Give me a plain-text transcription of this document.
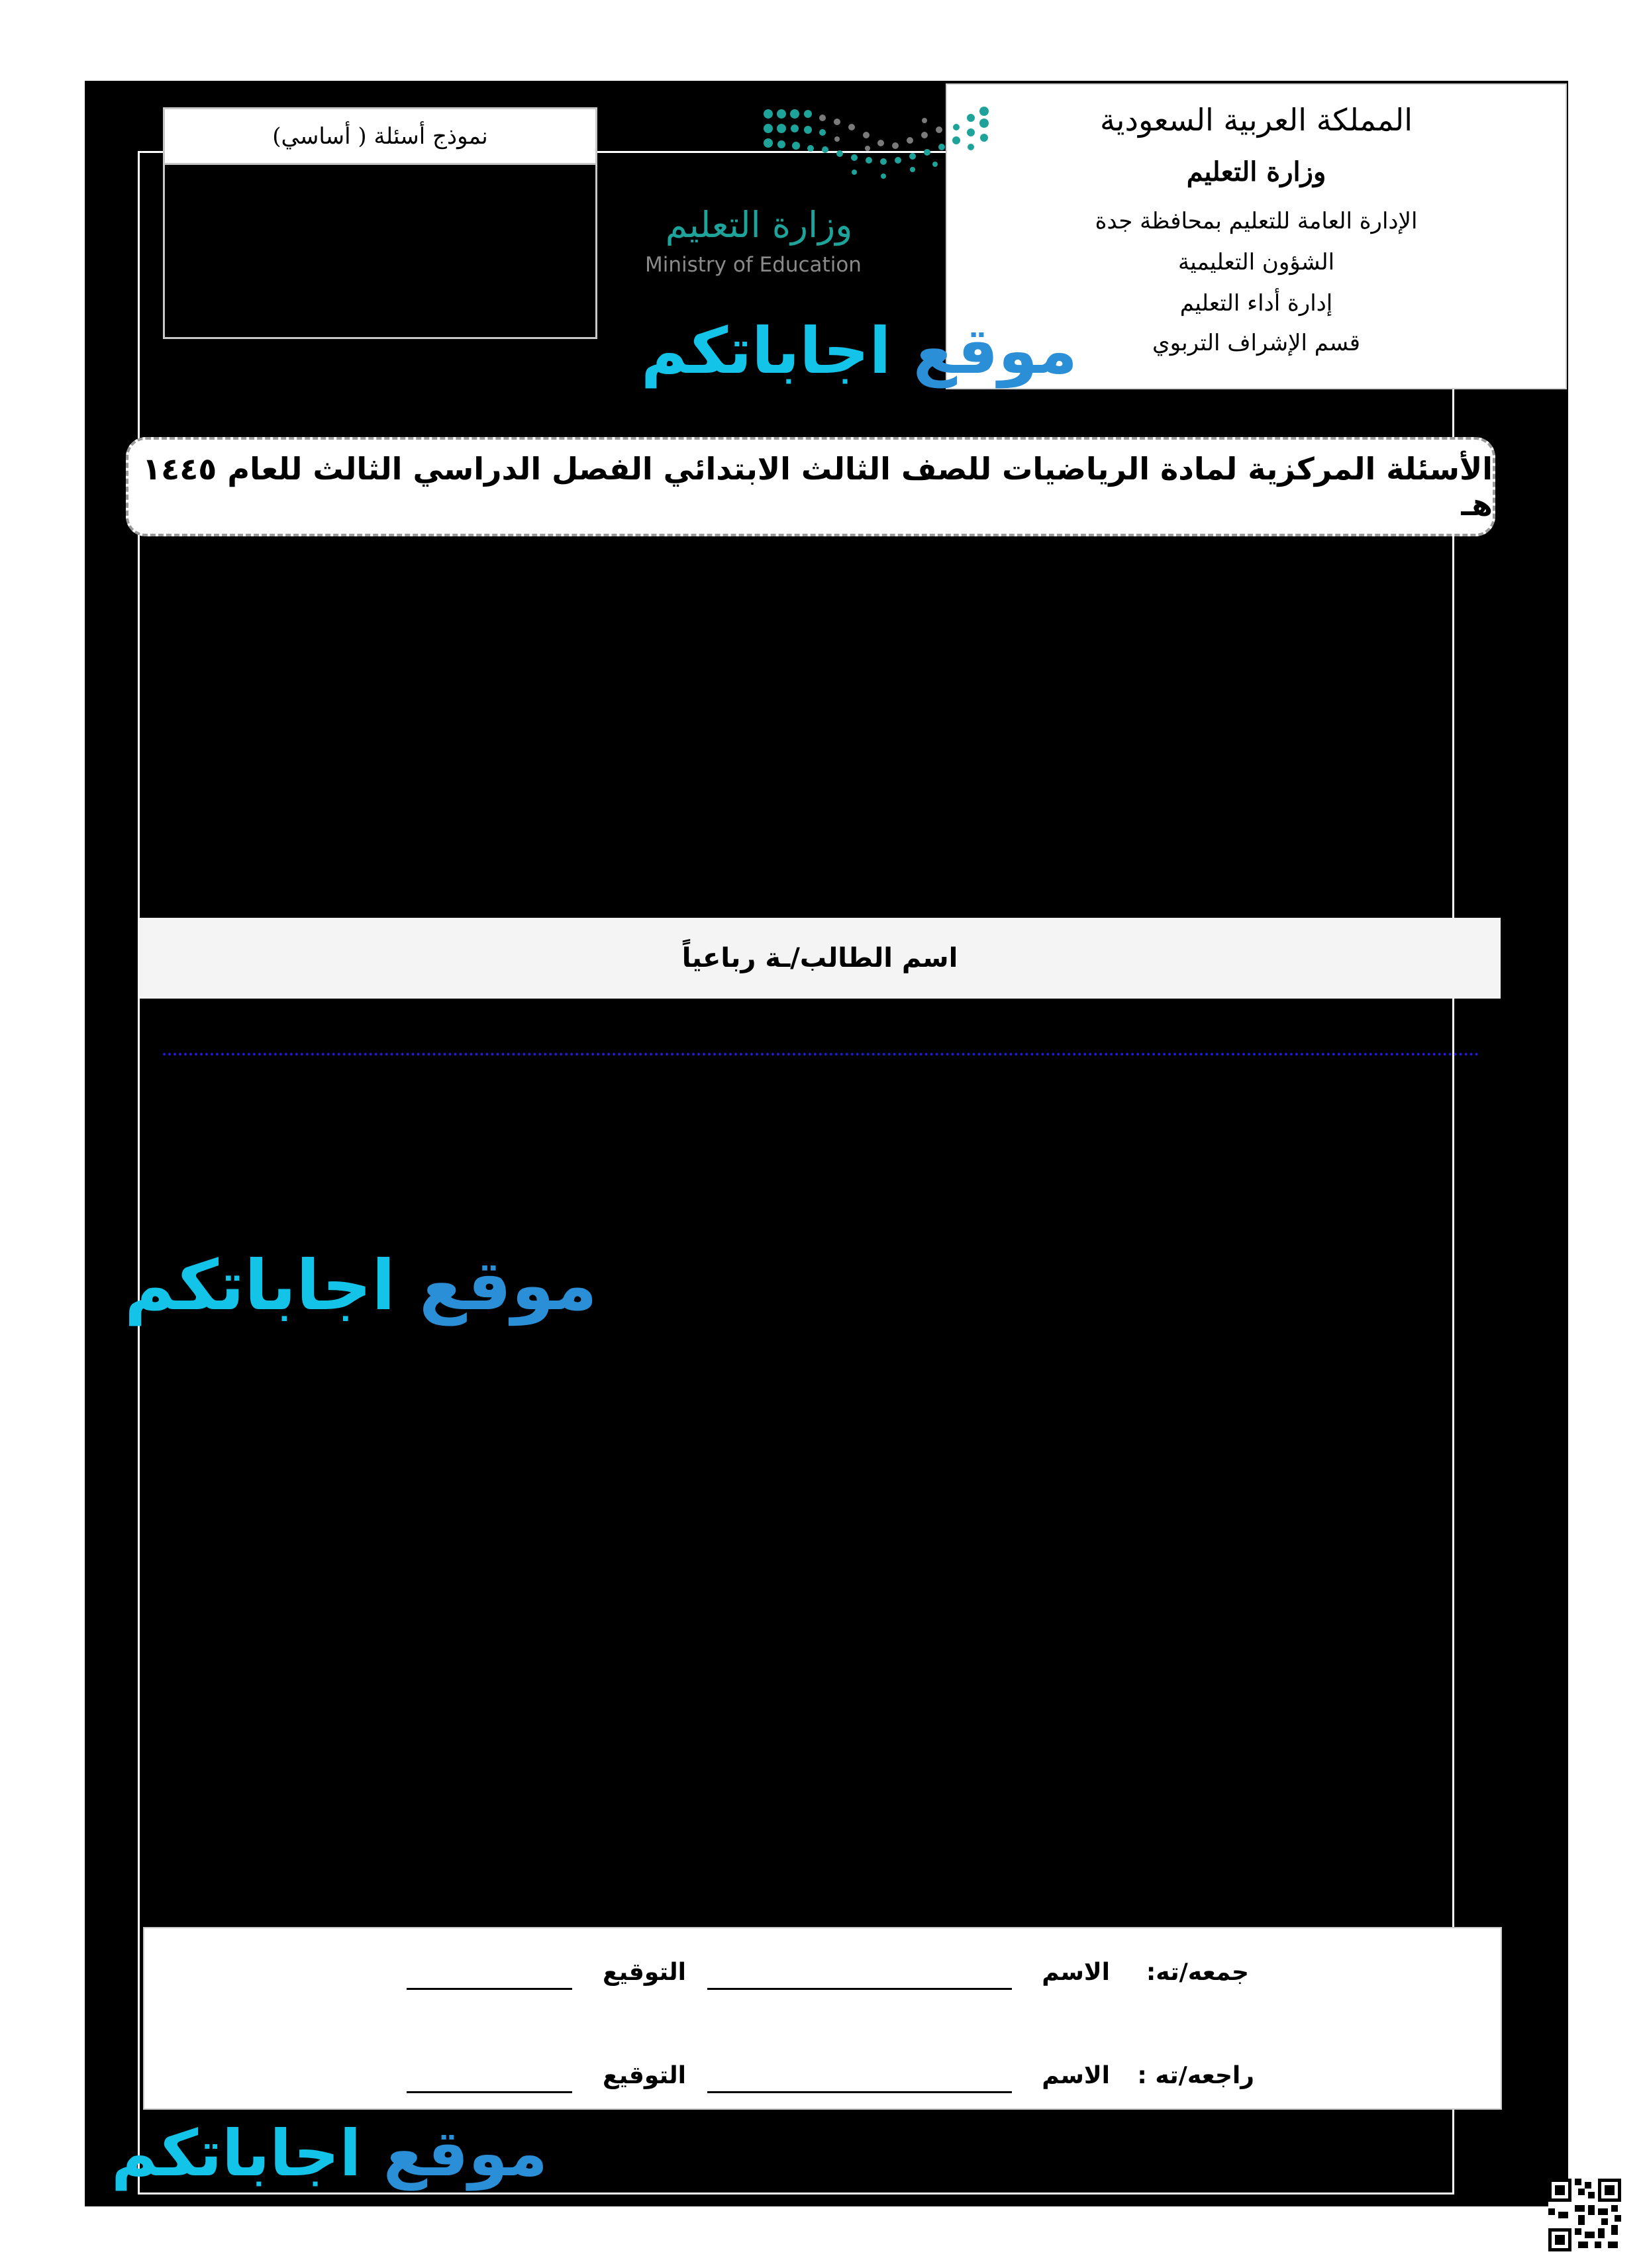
المملكة العربية السعودية
وزارة التعليم
الإدارة العامة للتعليم بمحافظة جدة
الشؤون التعليمية
إدارة أداء التعليم
قسم الإشراف التربوي
نموذج أسئلة ( أساسي)
وزارة التعليم
Ministry of Education
موقع اجاباتكم
موقع اجاباتكم
موقع اجاباتكم
الأسئلة المركزية لمادة الرياضيات للصف الثالث الابتدائي الفصل الدراسي الثالث للعام ١٤٤٥ هـ
اسم الطالب/ـة رباعياً
جمعه/ته:
الاسم
التوقيع
راجعه/ته :
الاسم
التوقيع
